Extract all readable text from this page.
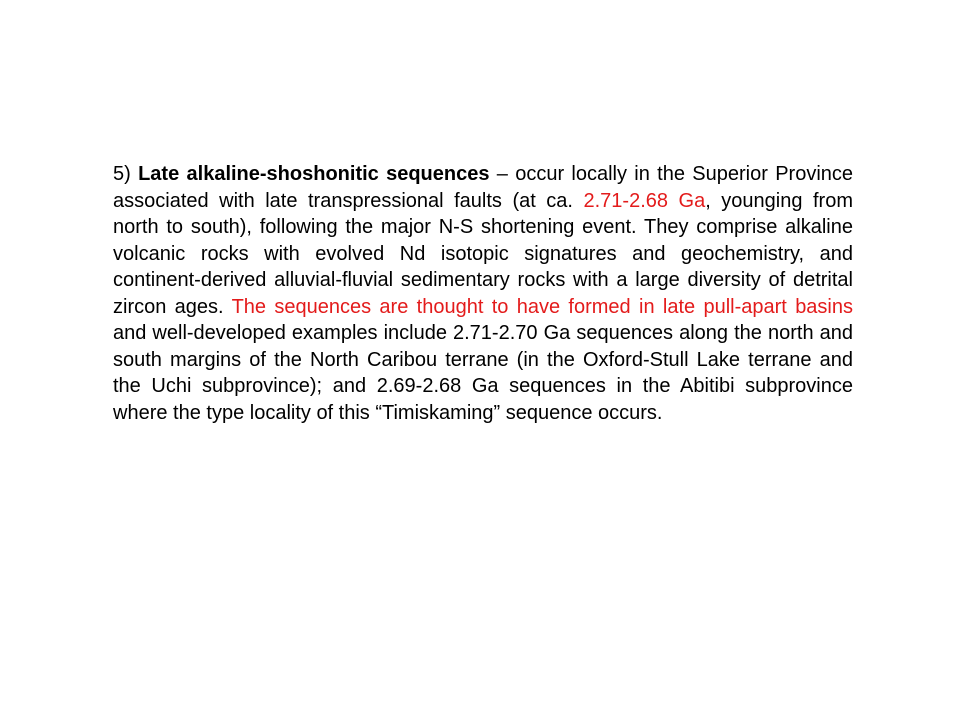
5) Late alkaline-shoshonitic sequences – occur locally in the Superior Province associated with late transpressional faults (at ca. 2.71-2.68 Ga, younging from north to south), following the major N-S shortening event. They comprise alkaline volcanic rocks with evolved Nd isotopic signatures and geochemistry, and continent-derived alluvial-fluvial sedimentary rocks with a large diversity of detrital zircon ages. The sequences are thought to have formed in late pull-apart basins and well-developed examples include 2.71-2.70 Ga sequences along the north and south margins of the North Caribou terrane (in the Oxford-Stull Lake terrane and the Uchi subprovince); and 2.69-2.68 Ga sequences in the Abitibi subprovince where the type locality of this “Timiskaming” sequence occurs.
